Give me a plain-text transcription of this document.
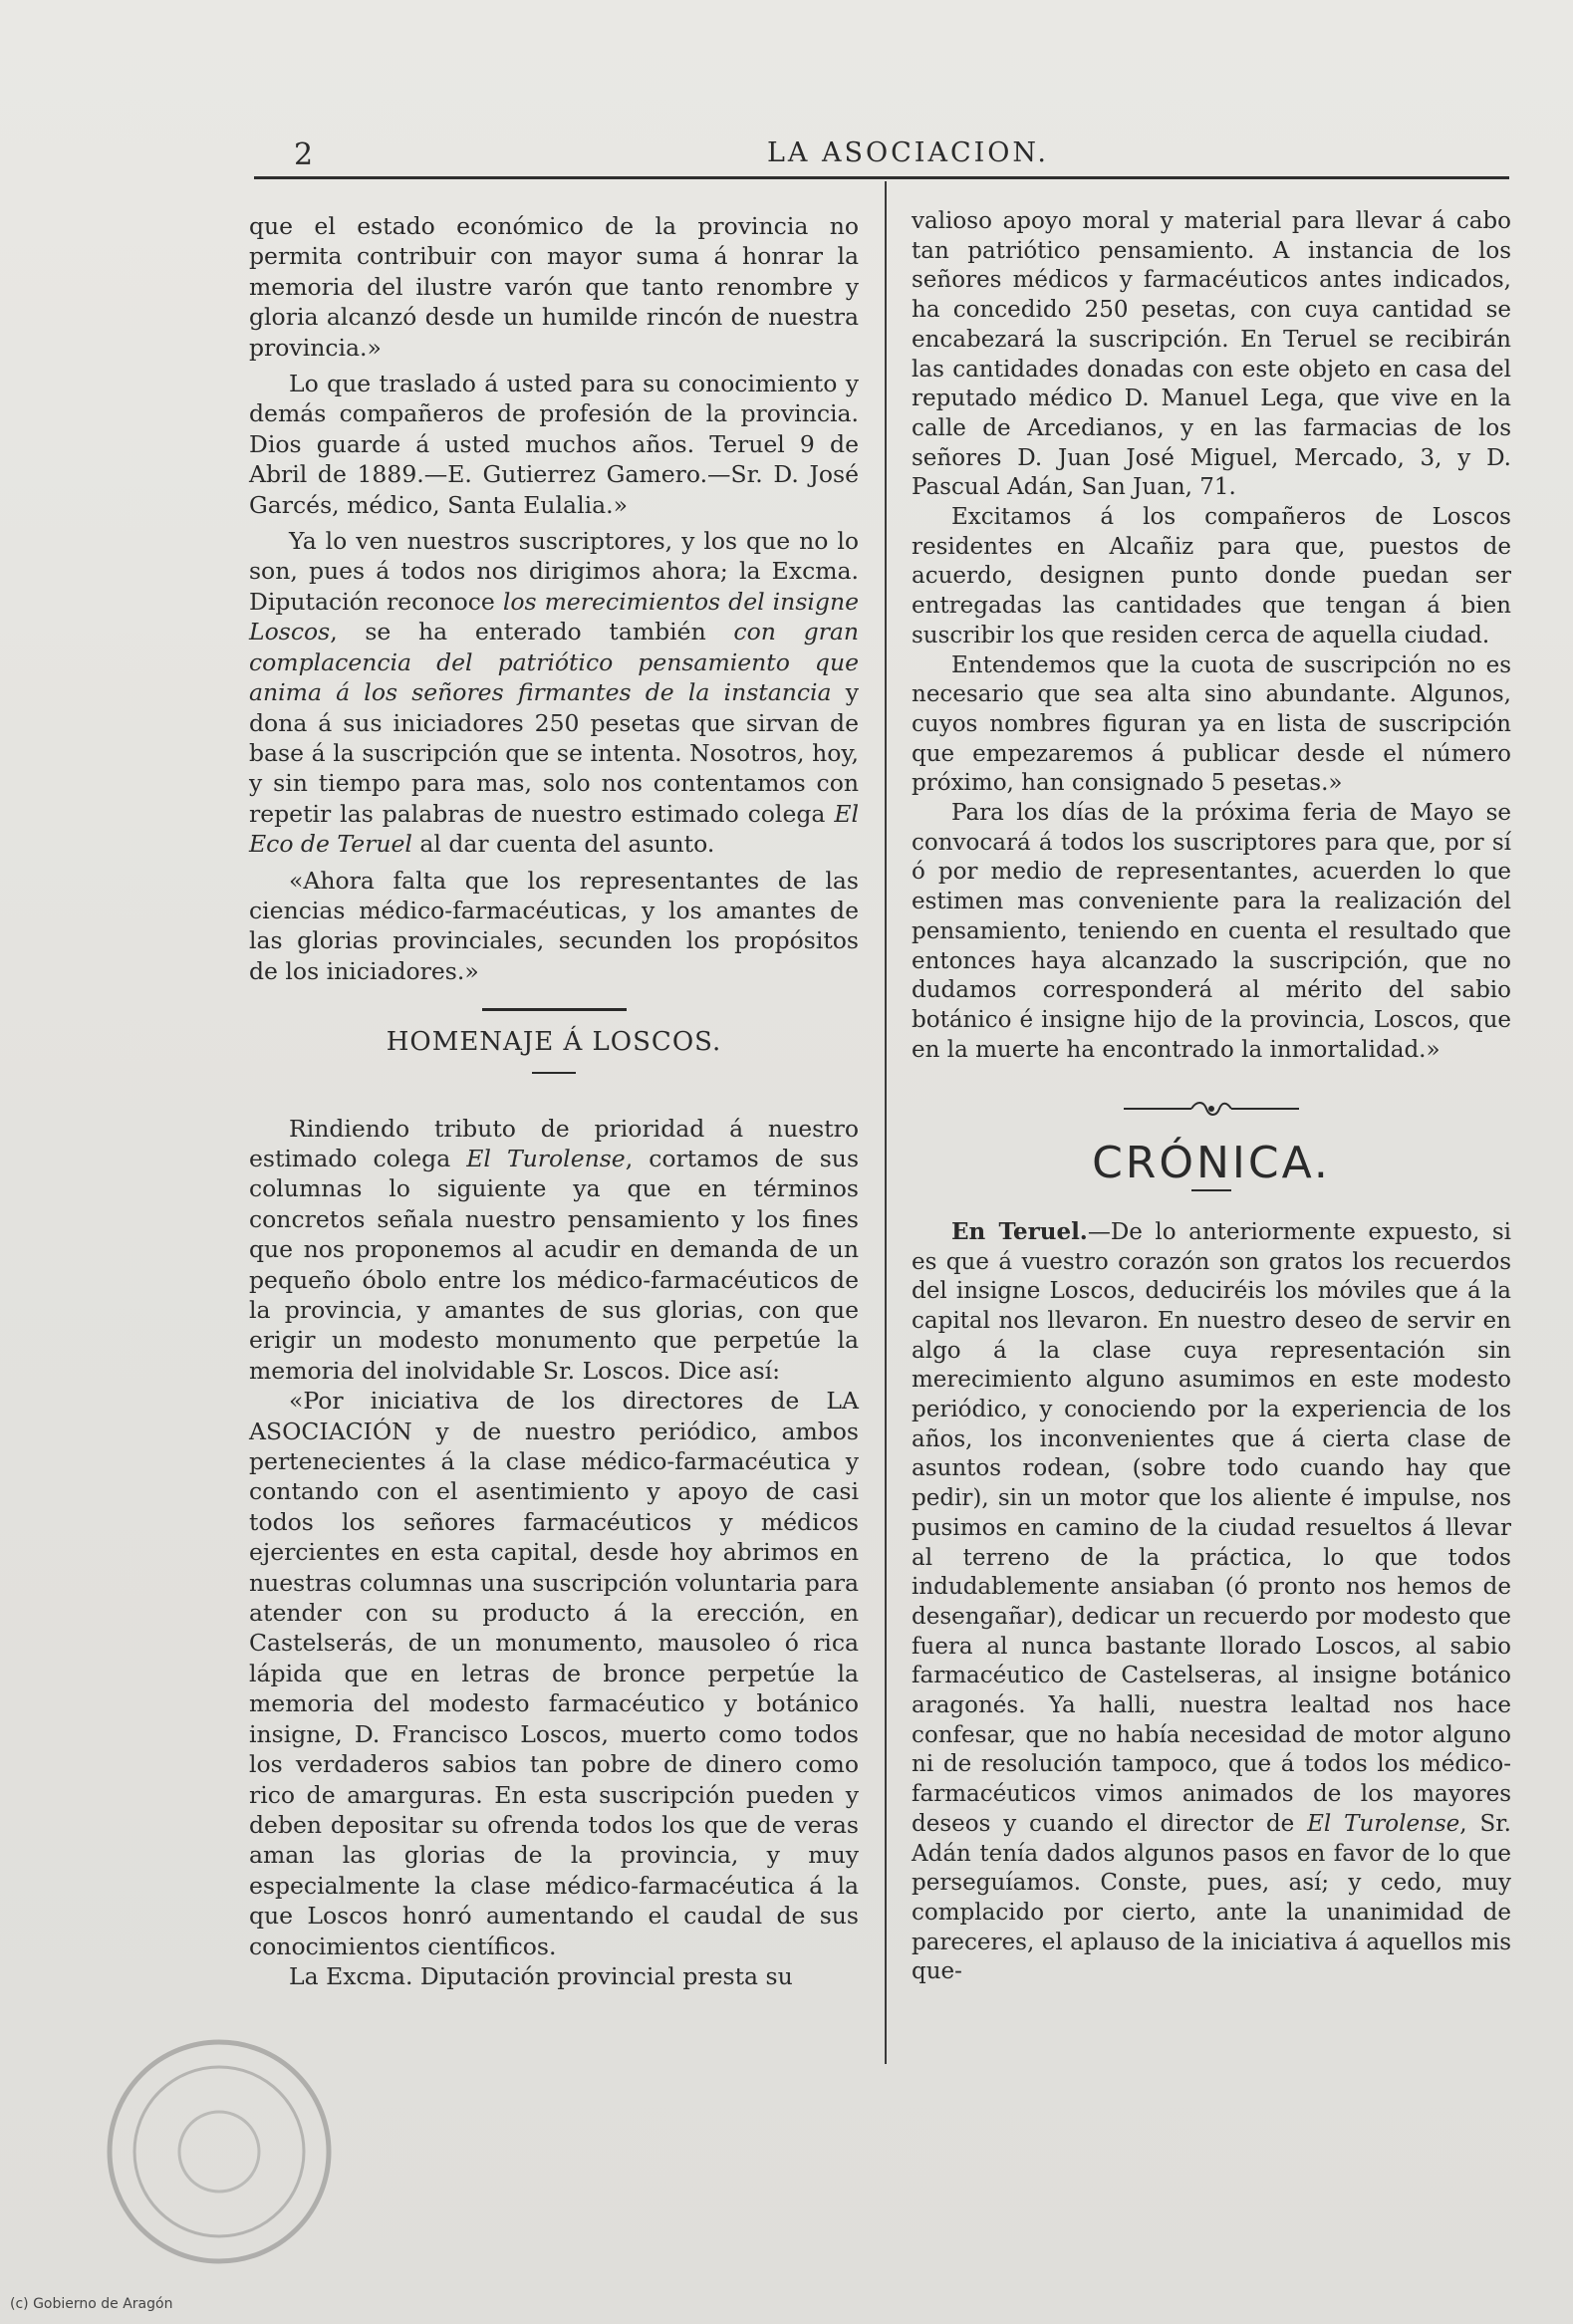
2	LA ASOCIACION.

que el estado económico de la provincia no permita contribuir con mayor suma á honrar la memoria del ilustre varón que tanto renombre y gloria alcanzó desde un humilde rincón de nuestra provincia.»

Lo que traslado á usted para su conocimiento y demás compañeros de profesión de la provincia. Dios guarde á usted muchos años. Teruel 9 de Abril de 1889.—E. Gutierrez Gamero.—Sr. D. José Garcés, médico, Santa Eulalia.»

Ya lo ven nuestros suscriptores, y los que no lo son, pues á todos nos dirigimos ahora; la Excma. Diputación reconoce los merecimientos del insigne Loscos, se ha enterado también con gran complacencia del patriótico pensamiento que anima á los señores firmantes de la instancia y dona á sus iniciadores 250 pesetas que sirvan de base á la suscripción que se intenta. Nosotros, hoy, y sin tiempo para mas, solo nos contentamos con repetir las palabras de nuestro estimado colega El Eco de Teruel al dar cuenta del asunto.

«Ahora falta que los representantes de las ciencias médico-farmacéuticas, y los amantes de las glorias provinciales, secunden los propósitos de los iniciadores.»

HOMENAJE Á LOSCOS.

Rindiendo tributo de prioridad á nuestro estimado colega El Turolense, cortamos de sus columnas lo siguiente ya que en términos concretos señala nuestro pensamiento y los fines que nos proponemos al acudir en demanda de un pequeño óbolo entre los médico-farmacéuticos de la provincia, y amantes de sus glorias, con que erigir un modesto monumento que perpetúe la memoria del inolvidable Sr. Loscos. Dice así:

«Por iniciativa de los directores de LA ASOCIACIÓN y de nuestro periódico, ambos pertenecientes á la clase médico-farmacéutica y contando con el asentimiento y apoyo de casi todos los señores farmacéuticos y médicos ejercientes en esta capital, desde hoy abrimos en nuestras columnas una suscripción voluntaria para atender con su producto á la erección, en Castelserás, de un monumento, mausoleo ó rica lápida que en letras de bronce perpetúe la memoria del modesto farmacéutico y botánico insigne, D. Francisco Loscos, muerto como todos los verdaderos sabios tan pobre de dinero como rico de amarguras. En esta suscripción pueden y deben depositar su ofrenda todos los que de veras aman las glorias de la provincia, y muy especialmente la clase médico-farmacéutica á la que Loscos honró aumentando el caudal de sus conocimientos científicos.

La Excma. Diputación provincial presta su

valioso apoyo moral y material para llevar á cabo tan patriótico pensamiento. A instancia de los señores médicos y farmacéuticos antes indicados, ha concedido 250 pesetas, con cuya cantidad se encabezará la suscripción. En Teruel se recibirán las cantidades donadas con este objeto en casa del reputado médico D. Manuel Lega, que vive en la calle de Arcedianos, y en las farmacias de los señores D. Juan José Miguel, Mercado, 3, y D. Pascual Adán, San Juan, 71.

Excitamos á los compañeros de Loscos residentes en Alcañiz para que, puestos de acuerdo, designen punto donde puedan ser entregadas las cantidades que tengan á bien suscribir los que residen cerca de aquella ciudad.

Entendemos que la cuota de suscripción no es necesario que sea alta sino abundante. Algunos, cuyos nombres figuran ya en lista de suscripción que empezaremos á publicar desde el número próximo, han consignado 5 pesetas.»

Para los días de la próxima feria de Mayo se convocará á todos los suscriptores para que, por sí ó por medio de representantes, acuerden lo que estimen mas conveniente para la realización del pensamiento, teniendo en cuenta el resultado que entonces haya alcanzado la suscripción, que no dudamos corresponderá al mérito del sabio botánico é insigne hijo de la provincia, Loscos, que en la muerte ha encontrado la inmortalidad.»

CRÓNICA.

En Teruel.—De lo anteriormente expuesto, si es que á vuestro corazón son gratos los recuerdos del insigne Loscos, deduciréis los móviles que á la capital nos llevaron. En nuestro deseo de servir en algo á la clase cuya representación sin merecimiento alguno asumimos en este modesto periódico, y conociendo por la experiencia de los años, los inconvenientes que á cierta clase de asuntos rodean, (sobre todo cuando hay que pedir), sin un motor que los aliente é impulse, nos pusimos en camino de la ciudad resueltos á llevar al terreno de la práctica, lo que todos indudablemente ansiaban (ó pronto nos hemos de desengañar), dedicar un recuerdo por modesto que fuera al nunca bastante llorado Loscos, al sabio farmacéutico de Castelseras, al insigne botánico aragonés. Ya halli, nuestra lealtad nos hace confesar, que no había necesidad de motor alguno ni de resolución tampoco, que á todos los médico-farmacéuticos vimos animados de los mayores deseos y cuando el director de El Turolense, Sr. Adán tenía dados algunos pasos en favor de lo que perseguíamos. Conste, pues, así; y cedo, muy complacido por cierto, ante la unanimidad de pareceres, el aplauso de la iniciativa á aquellos mis que-

(c) Gobierno de Aragón
